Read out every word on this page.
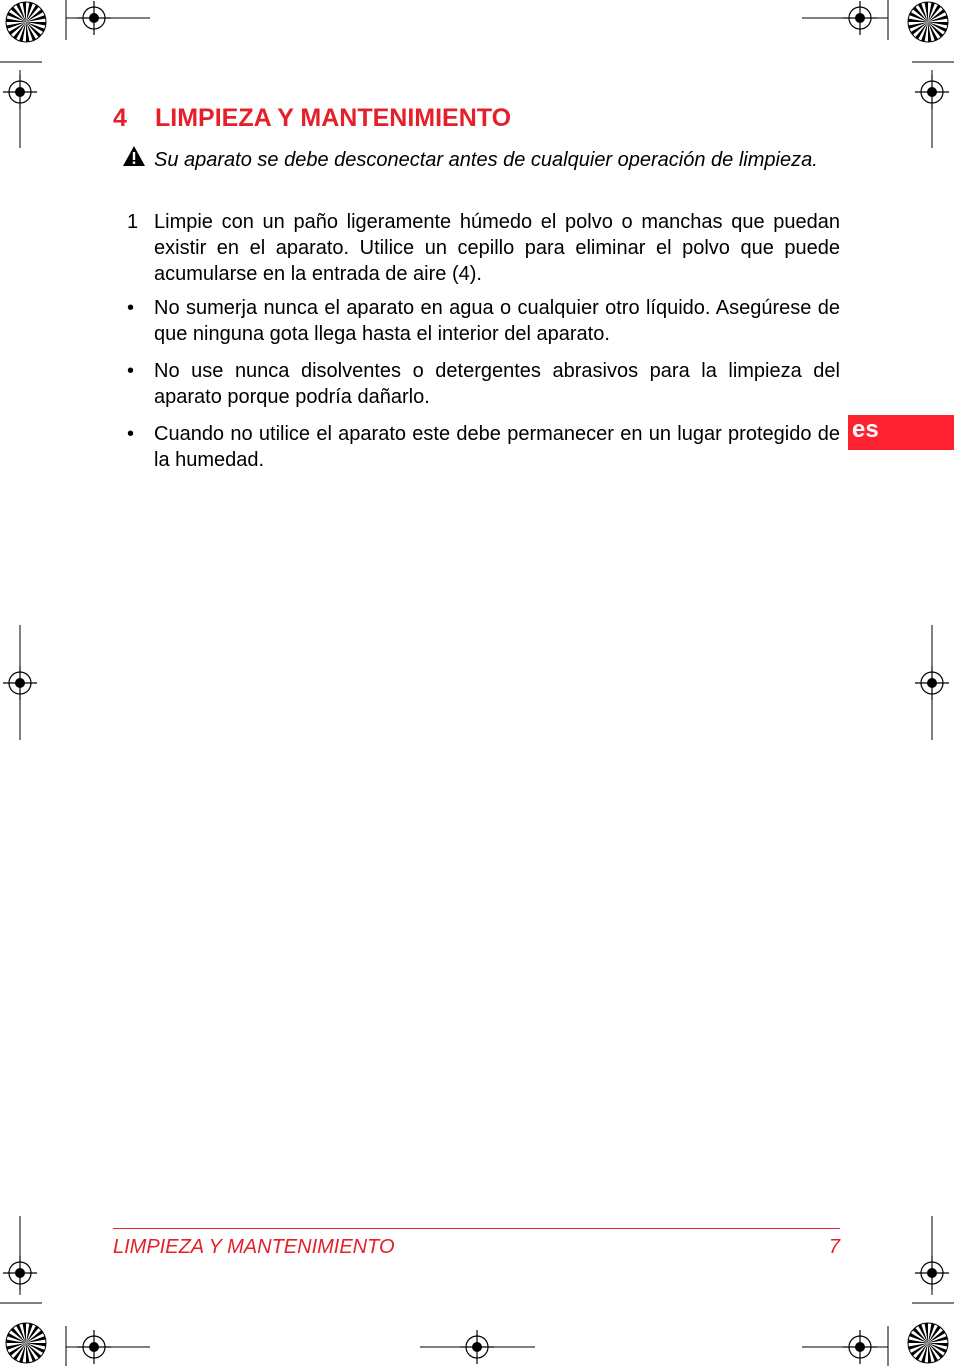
4 LIMPIEZA Y MANTENIMIENTO
Su aparato se debe desconectar antes de cualquier operación de limpieza.
1 Limpie con un paño ligeramente húmedo el polvo o manchas que puedan existir en el aparato. Utilice un cepillo para eliminar el polvo que puede acumularse en la entrada de aire (4).
• No sumerja nunca el aparato en agua o cualquier otro líquido. Asegúrese de que ninguna gota llega hasta el interior del aparato.
• No use nunca disolventes o detergentes abrasivos para la limpieza del aparato porque podría dañarlo.
• Cuando no utilice el aparato este debe permanecer en un lugar protegido de la humedad.
es
LIMPIEZA Y MANTENIMIENTO	7
